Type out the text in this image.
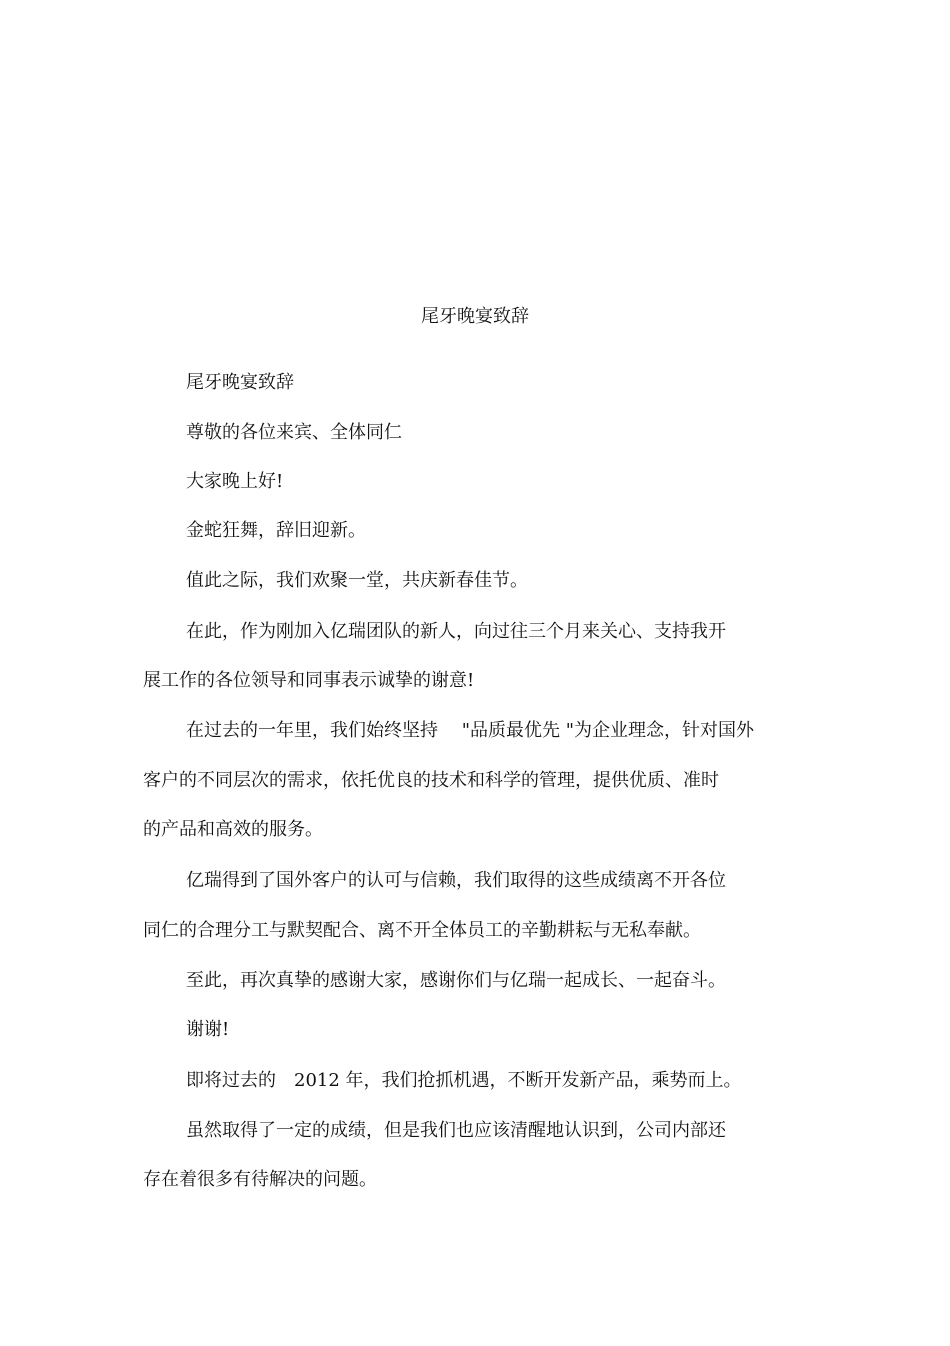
尾牙晚宴致辞
尾牙晚宴致辞
尊敬的各位来宾、全体同仁
大家晚上好!
金蛇狂舞，辞旧迎新。
值此之际，我们欢聚一堂，共庆新春佳节。
在此，作为刚加入亿瑞团队的新人，向过往三个月来关心、支持我开
展工作的各位领导和同事表示诚挚的谢意!
在过去的一年里，我们始终坚持　 "品质最优先 "为企业理念，针对国外
客户的不同层次的需求，依托优良的技术和科学的管理，提供优质、准时
的产品和高效的服务。
亿瑞得到了国外客户的认可与信赖，我们取得的这些成绩离不开各位
同仁的合理分工与默契配合、离不开全体员工的辛勤耕耘与无私奉献。
至此，再次真挚的感谢大家，感谢你们与亿瑞一起成长、一起奋斗。
谢谢!
即将过去的　2012 年，我们抢抓机遇，不断开发新产品，乘势而上。
虽然取得了一定的成绩，但是我们也应该清醒地认识到，公司内部还
存在着很多有待解决的问题。
